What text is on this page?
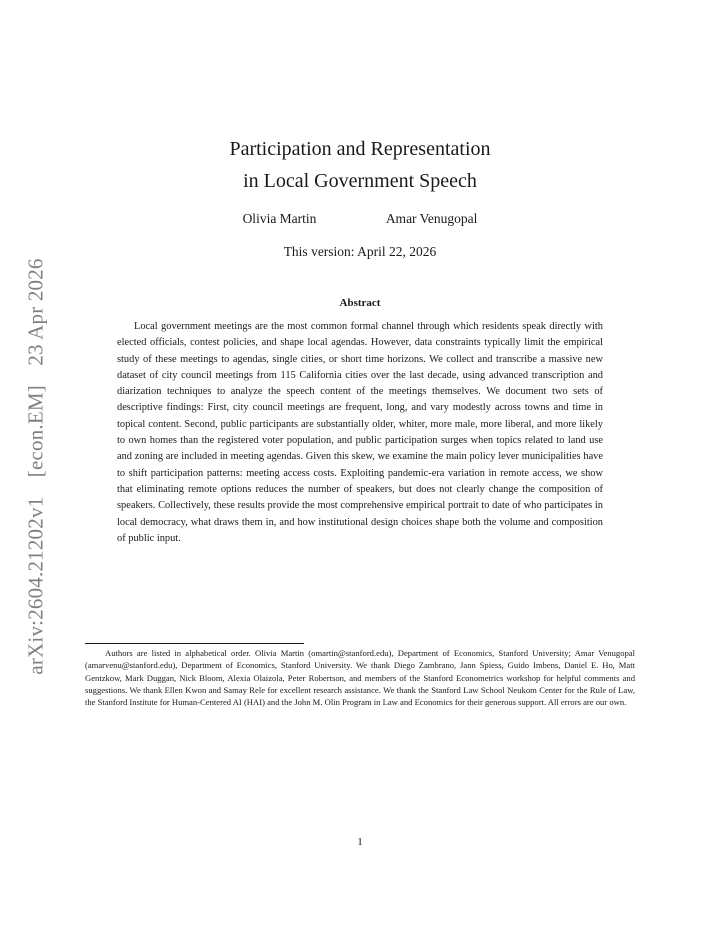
arXiv:2604.21202v1 [econ.EM] 23 Apr 2026
Participation and Representation
in Local Government Speech
Olivia Martin	Amar Venugopal
This version: April 22, 2026
Abstract

Local government meetings are the most common formal channel through which residents speak directly with elected officials, contest policies, and shape local agendas. However, data constraints typically limit the empirical study of these meetings to agendas, single cities, or short time horizons. We collect and transcribe a massive new dataset of city council meetings from 115 California cities over the last decade, using advanced transcription and diarization techniques to analyze the speech content of the meetings themselves. We document two sets of descriptive findings: First, city council meetings are frequent, long, and vary modestly across towns and time in topical content. Second, public participants are substantially older, whiter, more male, more liberal, and more likely to own homes than the registered voter population, and public participation surges when topics related to land use and zoning are included in meeting agendas. Given this skew, we examine the main policy lever municipalities have to shift participation patterns: meeting access costs. Exploiting pandemic-era variation in remote access, we show that eliminating remote options reduces the number of speakers, but does not clearly change the composition of speakers. Collectively, these results provide the most comprehensive empirical portrait to date of who participates in local democracy, what draws them in, and how institutional design choices shape both the volume and composition of public input.

Authors are listed in alphabetical order. Olivia Martin (omartin@stanford.edu), Department of Economics, Stanford University; Amar Venugopal (amarvenu@stanford.edu), Department of Economics, Stanford University. We thank Diego Zambrano, Jann Spiess, Guido Imbens, Daniel E. Ho, Matt Gentzkow, Mark Duggan, Nick Bloom, Alexia Olaizola, Peter Robertson, and members of the Stanford Econometrics workshop for helpful comments and suggestions. We thank Ellen Kwon and Samay Rele for excellent research assistance. We thank the Stanford Law School Neukom Center for the Rule of Law, the Stanford Institute for Human-Centered AI (HAI) and the John M. Olin Program in Law and Economics for their generous support. All errors are our own.

1
